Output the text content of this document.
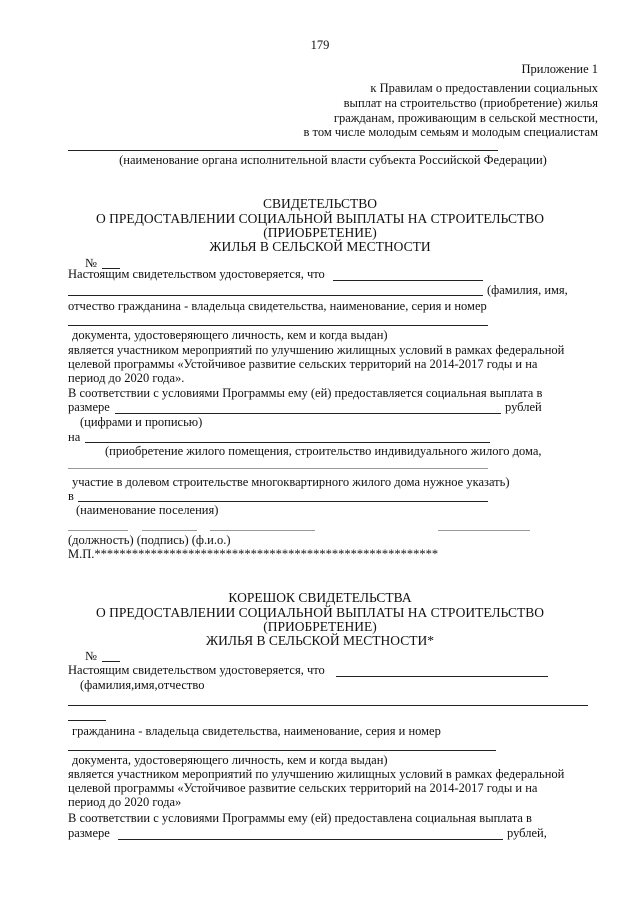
179
Приложение 1
к Правилам о предоставлении социальных
выплат на строительство (приобретение) жилья
гражданам, проживающим в сельской местности,
в том числе молодым семьям и молодым специалистам
(наименование органа исполнительной власти субъекта Российской Федерации)
СВИДЕТЕЛЬСТВО
О ПРЕДОСТАВЛЕНИИ СОЦИАЛЬНОЙ ВЫПЛАТЫ НА СТРОИТЕЛЬСТВО
(ПРИОБРЕТЕНИЕ)
ЖИЛЬЯ В СЕЛЬСКОЙ МЕСТНОСТИ
№
Настоящим свидетельством удостоверяется, что
(фамилия, имя,
отчество гражданина - владельца свидетельства, наименование, серия и номер
документа, удостоверяющего личность, кем и когда выдан)
является участником мероприятий по улучшению жилищных условий в рамках федеральной
целевой программы «Устойчивое развитие сельских территорий на 2014-2017 годы и на
период до 2020 года».
В соответствии с условиями Программы ему (ей) предоставляется социальная выплата в
размере	рублей
(цифрами и прописью)
на
(приобретение жилого помещения, строительство индивидуального жилого дома,
участие в долевом строительстве многоквартирного жилого дома нужное указать)
в
(наименование поселения)
(должность) (подпись) (ф.и.о.)
М.П.*******************************************************
КОРЕШОК СВИДЕТЕЛЬСТВА
О ПРЕДОСТАВЛЕНИИ СОЦИАЛЬНОЙ ВЫПЛАТЫ НА СТРОИТЕЛЬСТВО
(ПРИОБРЕТЕНИЕ)
ЖИЛЬЯ В СЕЛЬСКОЙ МЕСТНОСТИ*
№
Настоящим свидетельством удостоверяется, что
(фамилия,имя,отчество
гражданина - владельца свидетельства, наименование, серия и номер
документа, удостоверяющего личность, кем и когда выдан)
является участником мероприятий по улучшению жилищных условий в рамках федеральной
целевой программы «Устойчивое развитие сельских территорий на 2014-2017 годы и на
период до 2020 года»
В соответствии с условиями Программы ему (ей) предоставлена социальная выплата в
размере	рублей,
